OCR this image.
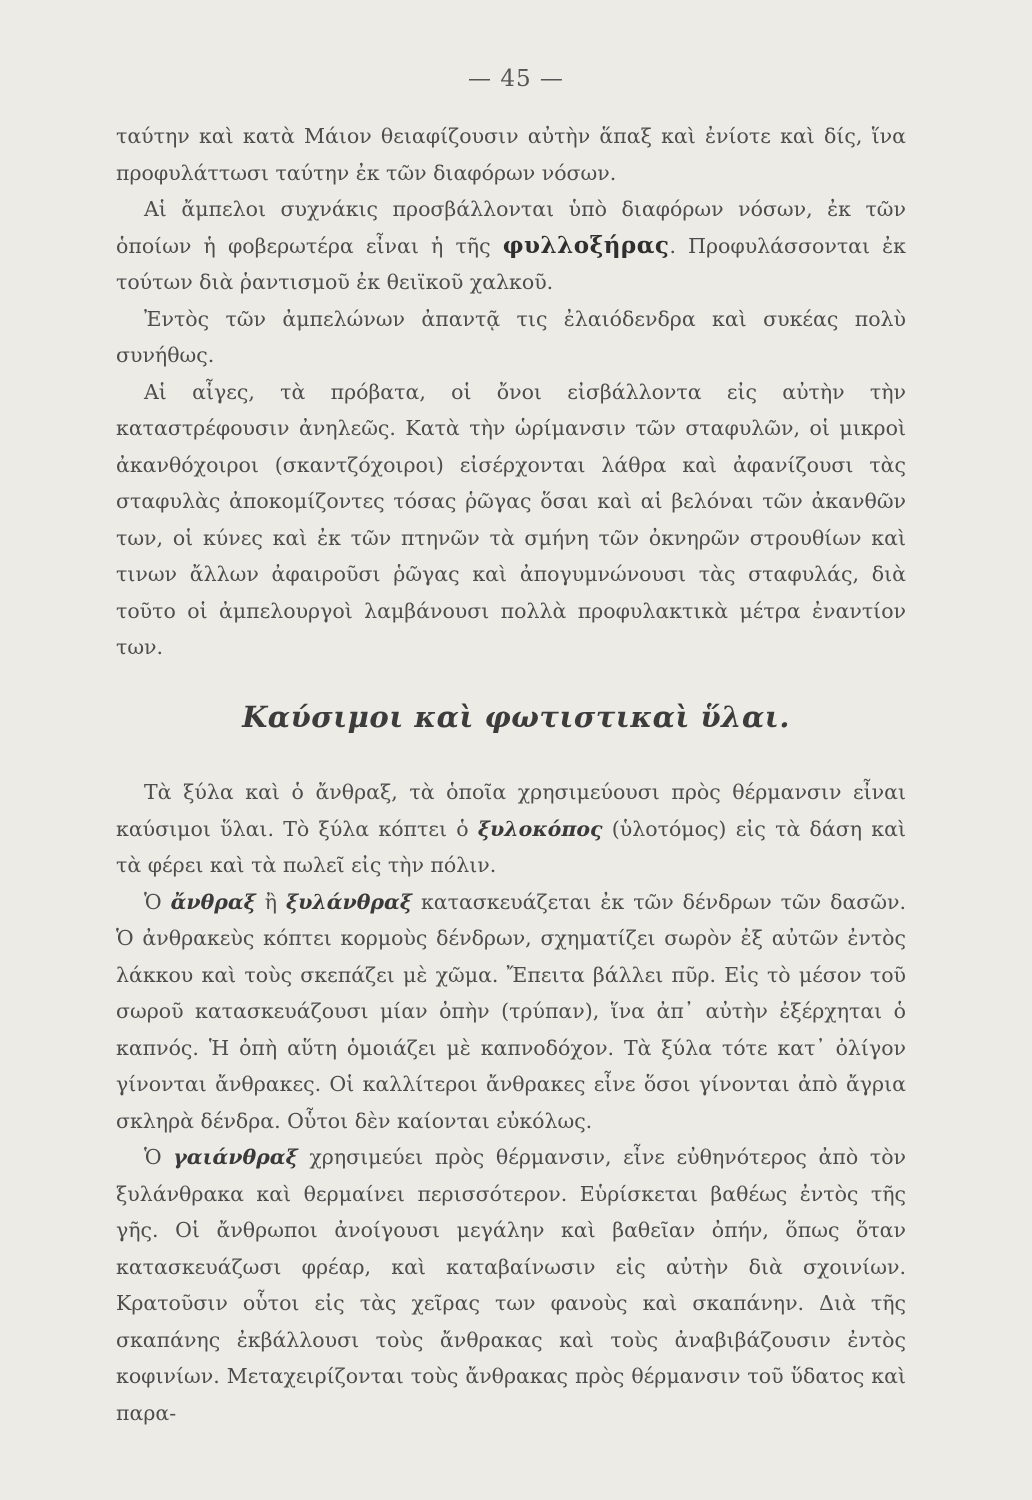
— 45 —

ταύτην καὶ κατὰ Μάιον θειαφίζουσιν αὐτὴν ἅπαξ καὶ ἐνίοτε καὶ δίς, ἵνα προφυλάττωσι ταύτην ἐκ τῶν διαφόρων νόσων.

Αἱ ἄμπελοι συχνάκις προσβάλλονται ὑπὸ διαφόρων νόσων, ἐκ τῶν ὁποίων ἡ φοβερωτέρα εἶναι ἡ τῆς φυλλοξήρας. Προφυλάσσονται ἐκ τούτων διὰ ῥαντισμοῦ ἐκ θειϊκοῦ χαλκοῦ.

Ἐντὸς τῶν ἀμπελώνων ἀπαντᾷ τις ἐλαιόδενδρα καὶ συκέας πολὺ συνήθως.

Αἱ αἶγες, τὰ πρόβατα, οἱ ὄνοι εἰσβάλλοντα εἰς αὐτὴν τὴν καταστρέφουσιν ἀνηλεῶς. Κατὰ τὴν ὡρίμανσιν τῶν σταφυλῶν, οἱ μικροὶ ἀκανθόχοιροι (σκαντζόχοιροι) εἰσέρχονται λάθρα καὶ ἀφανίζουσι τὰς σταφυλὰς ἀποκομίζοντες τόσας ῥῶγας ὅσαι καὶ αἱ βελόναι τῶν ἀκανθῶν των, οἱ κύνες καὶ ἐκ τῶν πτηνῶν τὰ σμήνη τῶν ὀκνηρῶν στρουθίων καὶ τινων ἄλλων ἀφαιροῦσι ῥῶγας καὶ ἀπογυμνώνουσι τὰς σταφυλάς, διὰ τοῦτο οἱ ἀμπελουργοὶ λαμβάνουσι πολλὰ προφυλακτικὰ μέτρα ἐναντίον των.

Καύσιμοι καὶ φωτιστικαὶ ὕλαι.

Τὰ ξύλα καὶ ὁ ἄνθραξ, τὰ ὁποῖα χρησιμεύουσι πρὸς θέρμανσιν εἶναι καύσιμοι ὕλαι. Τὸ ξύλα κόπτει ὁ ξυλοκόπος (ὑλοτόμος) εἰς τὰ δάση καὶ τὰ φέρει καὶ τὰ πωλεῖ εἰς τὴν πόλιν.

Ὁ ἄνθραξ ἢ ξυλάνθραξ κατασκευάζεται ἐκ τῶν δένδρων τῶν δασῶν. Ὁ ἀνθρακεὺς κόπτει κορμοὺς δένδρων, σχηματίζει σωρὸν ἐξ αὐτῶν ἐντὸς λάκκου καὶ τοὺς σκεπάζει μὲ χῶμα. Ἔπειτα βάλλει πῦρ. Εἰς τὸ μέσον τοῦ σωροῦ κατασκευάζουσι μίαν ὀπὴν (τρύπαν), ἵνα ἀπ᾽ αὐτὴν ἐξέρχηται ὁ καπνός. Ἡ ὀπὴ αὕτη ὁμοιάζει μὲ καπνοδόχον. Τὰ ξύλα τότε κατ᾽ ὀλίγον γίνονται ἄνθρακες. Οἱ καλλίτεροι ἄνθρακες εἶνε ὅσοι γίνονται ἀπὸ ἄγρια σκληρὰ δένδρα. Οὗτοι δὲν καίονται εὐκόλως.

Ὁ γαιάνθραξ χρησιμεύει πρὸς θέρμανσιν, εἶνε εὐθηνότερος ἀπὸ τὸν ξυλάνθρακα καὶ θερμαίνει περισσότερον. Εὑρίσκεται βαθέως ἐντὸς τῆς γῆς. Οἱ ἄνθρωποι ἀνοίγουσι μεγάλην καὶ βαθεῖαν ὀπήν, ὅπως ὅταν κατασκευάζωσι φρέαρ, καὶ καταβαίνωσιν εἰς αὐτὴν διὰ σχοινίων. Κρατοῦσιν οὗτοι εἰς τὰς χεῖρας των φανοὺς καὶ σκαπάνην. Διὰ τῆς σκαπάνης ἐκβάλλουσι τοὺς ἄνθρακας καὶ τοὺς ἀναβιβάζουσιν ἐντὸς κοφινίων. Μεταχειρίζονται τοὺς ἄνθρακας πρὸς θέρμανσιν τοῦ ὕδατος καὶ παρα-
